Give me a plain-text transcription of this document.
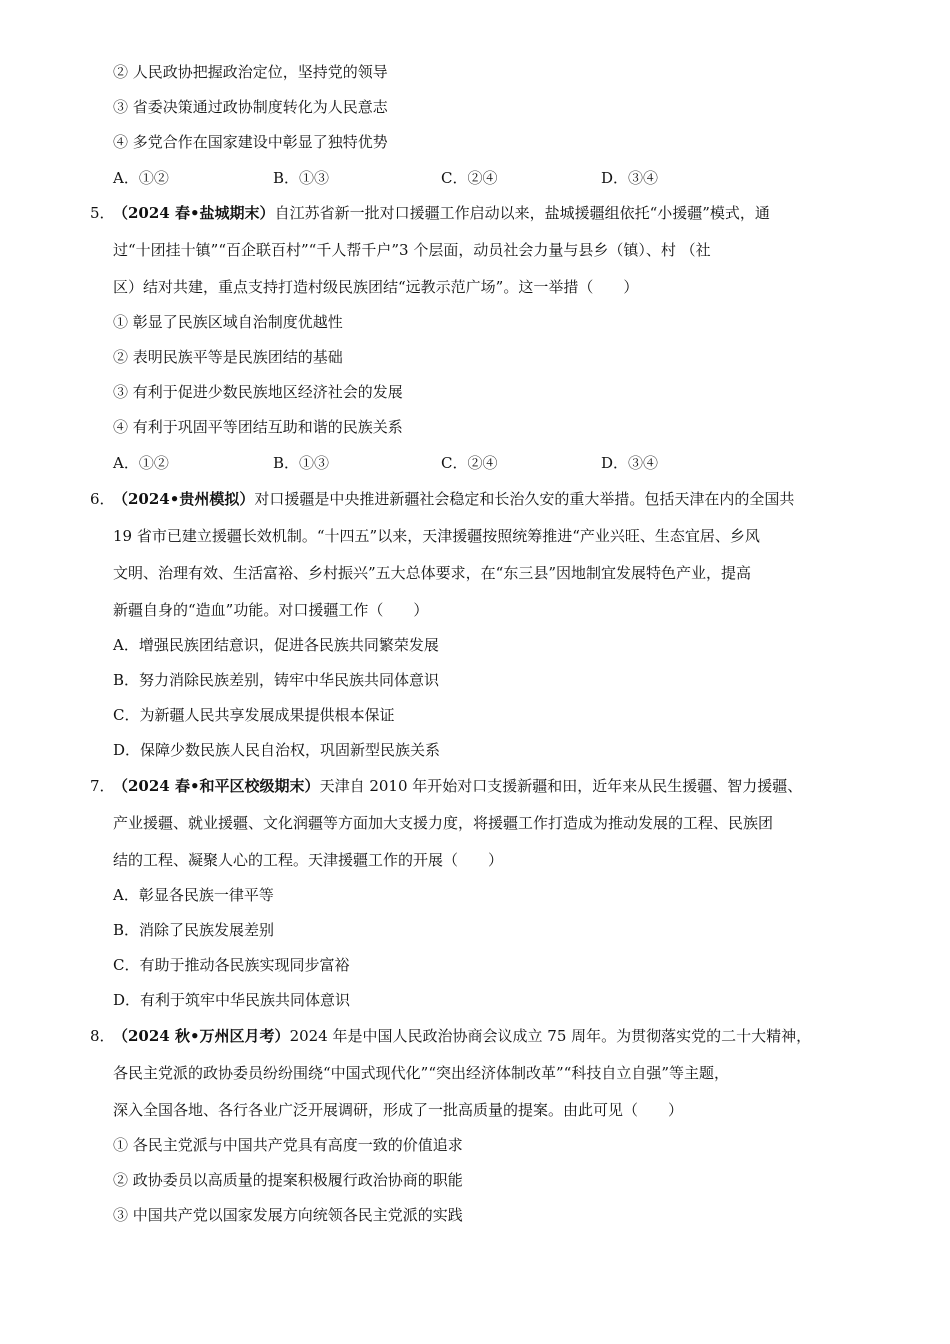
② 人民政协把握政治定位，坚持党的领导
③ 省委决策通过政协制度转化为人民意志
④ 多党合作在国家建设中彰显了独特优势
A．①②	B．①③	C．②④	D．③④
5．
（2024 春•盐城期末）自江苏省新一批对口援疆工作启动以来，盐城援疆组依托“小援疆”模式，通
过“十团挂十镇”“百企联百村”“千人帮千户”3 个层面，动员社会力量与县乡（镇）、村 （社
区）结对共建，重点支持打造村级民族团结“远教示范广场”。这一举措（　　）
① 彰显了民族区域自治制度优越性
② 表明民族平等是民族团结的基础
③ 有利于促进少数民族地区经济社会的发展
④ 有利于巩固平等团结互助和谐的民族关系
A．①②	B．①③	C．②④	D．③④
6．
（2024•贵州模拟）对口援疆是中央推进新疆社会稳定和长治久安的重大举措。包括天津在内的全国共
19 省市已建立援疆长效机制。“十四五”以来，天津援疆按照统筹推进“产业兴旺、生态宜居、乡风
文明、治理有效、生活富裕、乡村振兴”五大总体要求，在“东三县”因地制宜发展特色产业，提高
新疆自身的“造血”功能。对口援疆工作（　　）
A．增强民族团结意识，促进各民族共同繁荣发展
B．努力消除民族差别，铸牢中华民族共同体意识
C．为新疆人民共享发展成果提供根本保证
D．保障少数民族人民自治权，巩固新型民族关系
7．
（2024 春•和平区校级期末）天津自 2010 年开始对口支援新疆和田，近年来从民生援疆、智力援疆、
产业援疆、就业援疆、文化润疆等方面加大支援力度，将援疆工作打造成为推动发展的工程、民族团
结的工程、凝聚人心的工程。天津援疆工作的开展（　　）
A．彰显各民族一律平等
B．消除了民族发展差别
C．有助于推动各民族实现同步富裕
D．有利于筑牢中华民族共同体意识
8．
（2024 秋•万州区月考）2024 年是中国人民政治协商会议成立 75 周年。为贯彻落实党的二十大精神，
各民主党派的政协委员纷纷围绕“中国式现代化”“突出经济体制改革”“科技自立自强”等主题，
深入全国各地、各行各业广泛开展调研，形成了一批高质量的提案。由此可见（　　）
① 各民主党派与中国共产党具有高度一致的价值追求
② 政协委员以高质量的提案积极履行政治协商的职能
③ 中国共产党以国家发展方向统领各民主党派的实践
